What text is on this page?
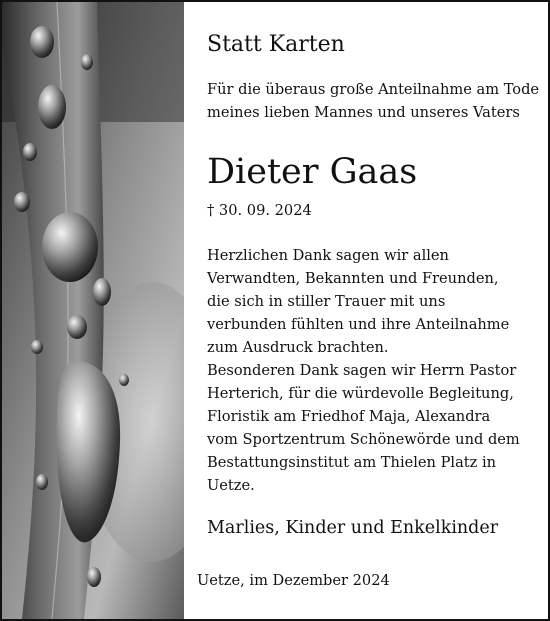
Statt Karten
Für die überaus große Anteilnahme am Tode
meines lieben Mannes und unseres Vaters
Dieter Gaas
† 30. 09. 2024
Herzlichen Dank sagen wir allen Verwandten, Bekannten und Freunden, die sich in stiller Trauer mit uns verbunden fühlten und ihre Anteilnahme zum Ausdruck brachten.
Besonderen Dank sagen wir Herrn Pastor Herterich, für die würdevolle Begleitung, Floristik am Friedhof Maja, Alexandra vom Sportzentrum Schönewörde und dem Bestattungsinstitut am Thielen Platz in Uetze.
Marlies, Kinder und Enkelkinder
Uetze, im Dezember 2024
